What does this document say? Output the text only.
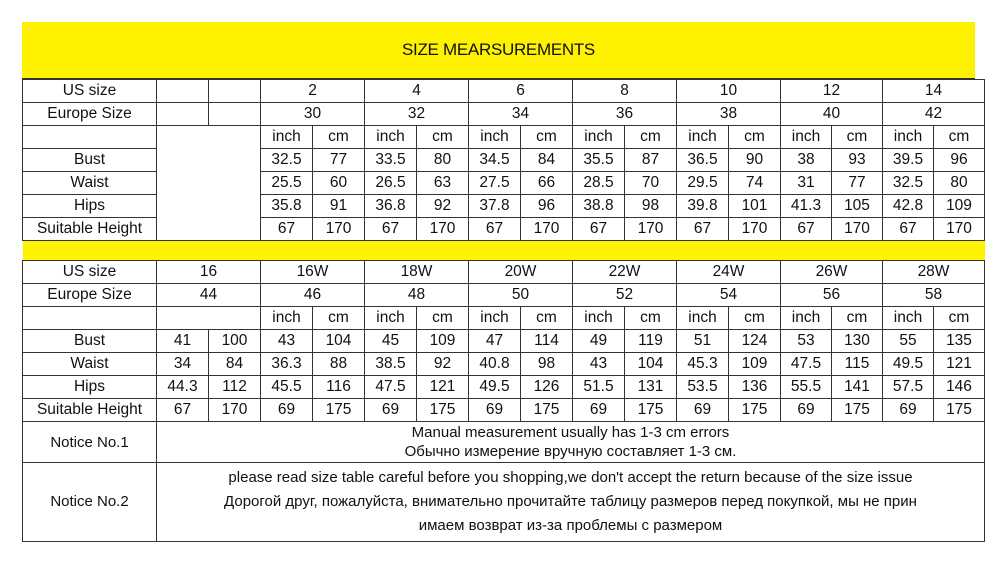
SIZE MEARSUREMENTS
US size			2		4		6		8		10		12		14	
Europe Size			30		32		34		36		38		40		42	
			inch	cm	inch	cm	inch	cm	inch	cm	inch	cm	inch	cm	inch	cm
Bust			32.5	77	33.5	80	34.5	84	35.5	87	36.5	90	38	93	39.5	96
Waist			25.5	60	26.5	63	27.5	66	28.5	70	29.5	74	31	77	32.5	80
Hips			35.8	91	36.8	92	37.8	96	38.8	98	39.8	101	41.3	105	42.8	109
Suitable Height			67	170	67	170	67	170	67	170	67	170	67	170	67	170

US size	16		16W		18W		20W		22W		24W		26W		28W	
Europe Size	44		46		48		50		52		54		56		58	
			inch	cm	inch	cm	inch	cm	inch	cm	inch	cm	inch	cm	inch	cm
Bust	41	100	43	104	45	109	47	114	49	119	51	124	53	130	55	135
Waist	34	84	36.3	88	38.5	92	40.8	98	43	104	45.3	109	47.5	115	49.5	121
Hips	44.3	112	45.5	116	47.5	121	49.5	126	51.5	131	53.5	136	55.5	141	57.5	146
Suitable Height	67	170	69	175	69	175	69	175	69	175	69	175	69	175	69	175
Notice No.1	Manual measurement usually has 1-3 cm errors
Обычно измерение вручную составляет 1-3 см.															

Notice No.2	please read size table careful before you shopping,we don't accept the return because of the size issue
Дорогой друг, пожалуйста, внимательно прочитайте таблицу размеров перед покупкой, мы не прин
имаем возврат из-за проблемы с размером															
